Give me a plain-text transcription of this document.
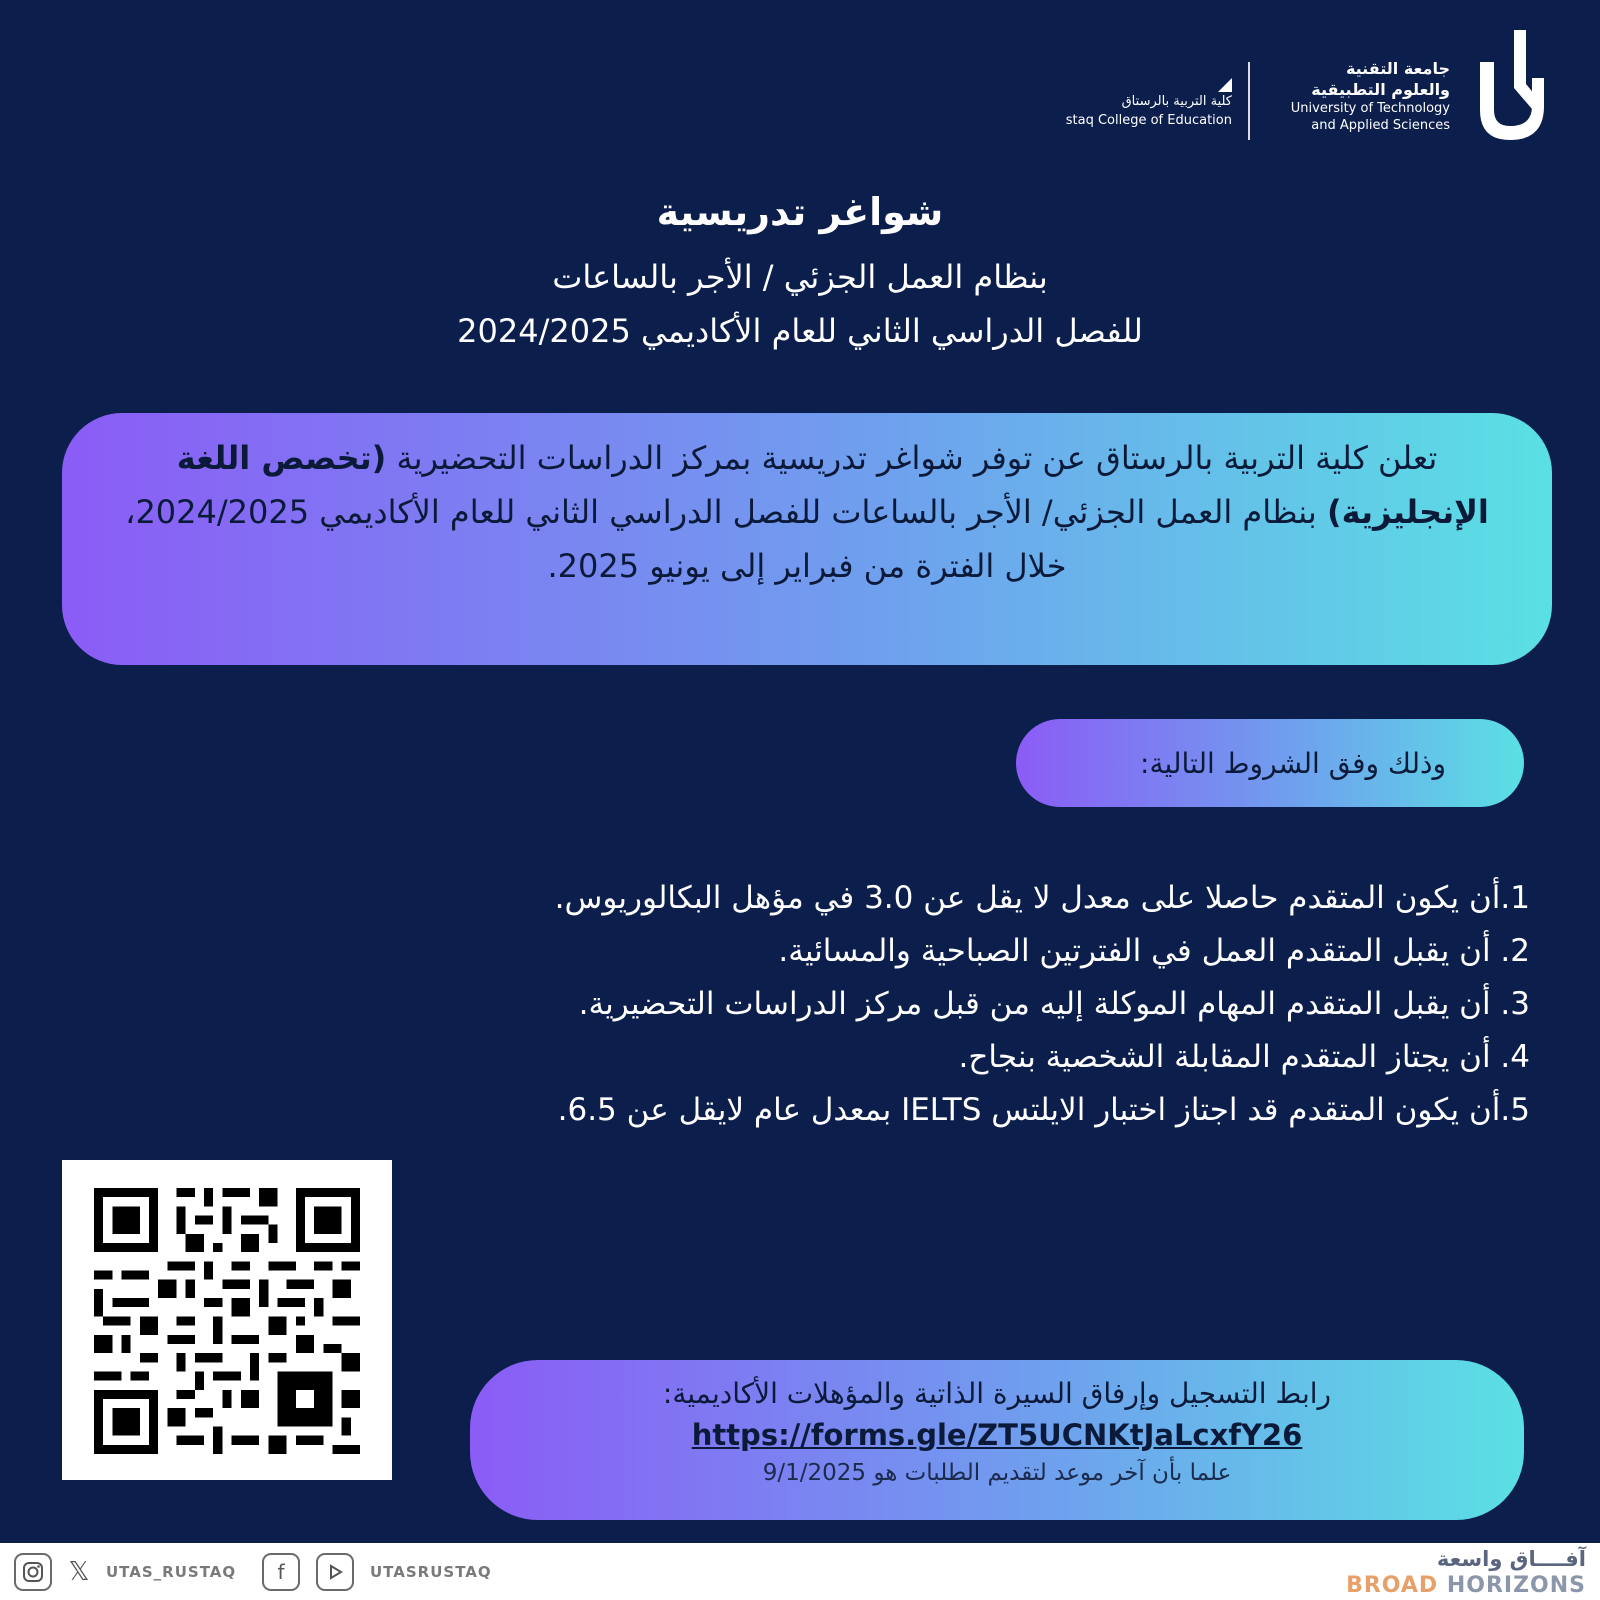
جامعة التقنية
والعلوم التطبيقية
University of Technology
and Applied Sciences
كلية التربية بالرستاق
staq College of Education
شواغر تدريسية
بنظام العمل الجزئي / الأجر بالساعات
للفصل الدراسي الثاني للعام الأكاديمي 2024/2025
تعلن كلية التربية بالرستاق عن توفر شواغر تدريسية بمركز الدراسات التحضيرية (تخصص اللغة الإنجليزية) بنظام العمل الجزئي/ الأجر بالساعات للفصل الدراسي الثاني للعام الأكاديمي 2024/2025، خلال الفترة من فبراير إلى يونيو 2025.
وذلك وفق الشروط التالية:
1.أن يكون المتقدم حاصلا على معدل لا يقل عن 3.0 في مؤهل البكالوريوس.
2. أن يقبل المتقدم العمل في الفترتين الصباحية والمسائية.
3. أن يقبل المتقدم المهام الموكلة إليه من قبل مركز الدراسات التحضيرية.
4. أن يجتاز المتقدم المقابلة الشخصية بنجاح.
5.أن يكون المتقدم قد اجتاز اختبار الايلتس IELTS بمعدل عام لايقل عن 6.5.
رابط التسجيل وإرفاق السيرة الذاتية والمؤهلات الأكاديمية:
https://forms.gle/ZT5UCNKtJaLcxfY26
علما بأن آخر موعد لتقديم الطلبات هو 9/1/2025
𝕏	UTAS_RUSTAQ	f	UTASRUSTAQ
آفــــاق واسعة
BROAD HORIZONS
